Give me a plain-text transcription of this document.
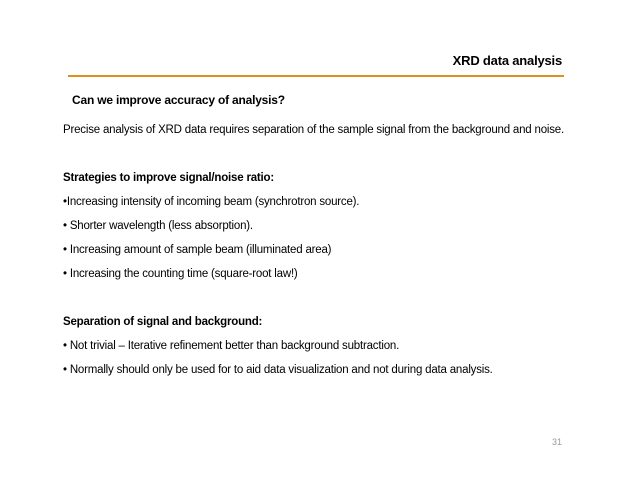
XRD data analysis
Can we improve accuracy of analysis?

Precise analysis of XRD data requires separation of the sample signal from the background and noise.

Strategies to improve signal/noise ratio:

•Increasing intensity of incoming beam (synchrotron source).

• Shorter wavelength (less absorption).

• Increasing amount of sample beam (illuminated area)

• Increasing the counting time (square-root law!)

Separation of signal and background:

• Not trivial – Iterative refinement better than background subtraction.

• Normally should only be used for to aid data visualization and not during data analysis.

31
